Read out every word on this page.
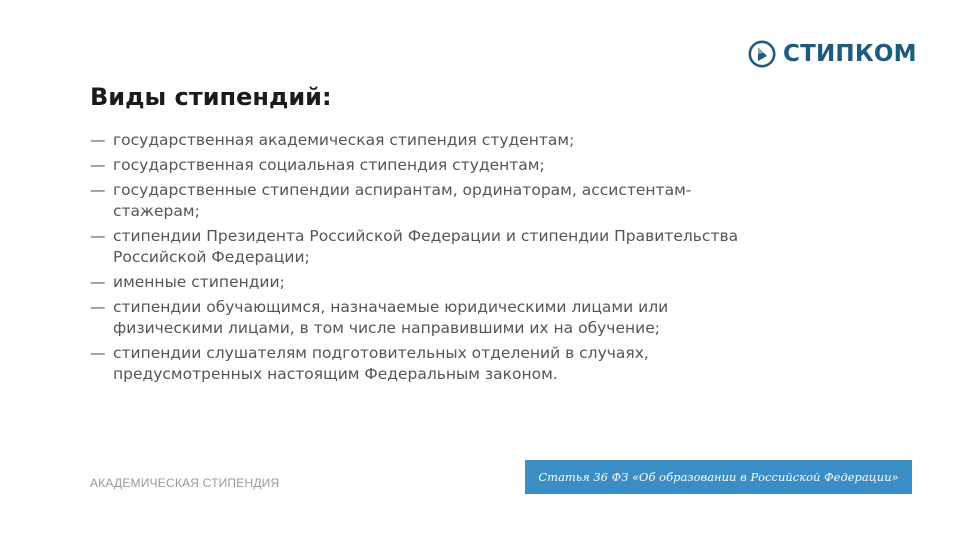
СТИПКОМ
Виды стипендий:
— государственная академическая стипендия студентам;
— государственная социальная стипендия студентам;
— государственные стипендии аспирантам, ординаторам, ассистентам-стажерам;
— стипендии Президента Российской Федерации и стипендии Правительства Российской Федерации;
— именные стипендии;
— стипендии обучающимся, назначаемые юридическими лицами или физическими лицами, в том числе направившими их на обучение;
— стипендии слушателям подготовительных отделений в случаях, предусмотренных настоящим Федеральным законом.
АКАДЕМИЧЕСКАЯ СТИПЕНДИЯ	Статья 36 ФЗ «Об образовании в Российской Федерации»
